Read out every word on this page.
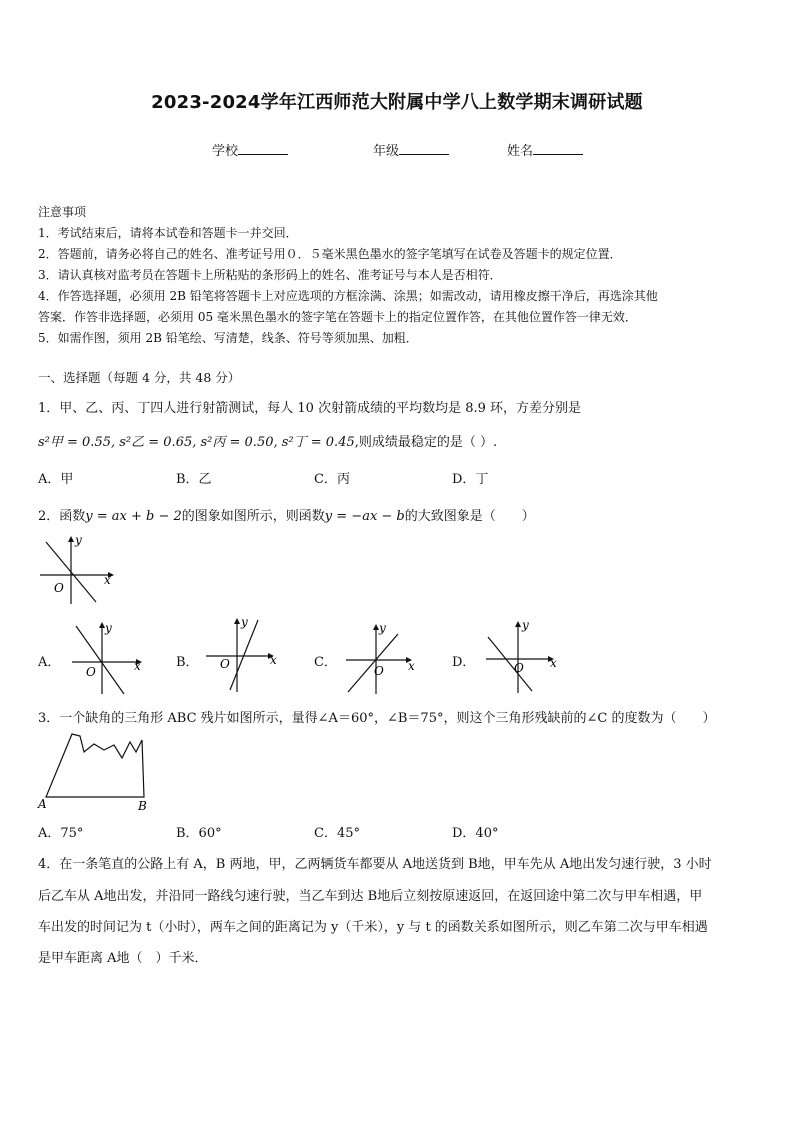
2023-2024学年江西师范大附属中学八上数学期末调研试题
学校	年级	姓名
注意事项
1．考试结束后，请将本试卷和答题卡一并交回．
2．答题前，请务必将自己的姓名、准考证号用０．５毫米黑色墨水的签字笔填写在试卷及答题卡的规定位置．
3．请认真核对监考员在答题卡上所粘贴的条形码上的姓名、准考证号与本人是否相符．
4．作答选择题，必须用 2B 铅笔将答题卡上对应选项的方框涂满、涂黑；如需改动，请用橡皮擦干净后，再选涂其他
答案．作答非选择题，必须用 05 毫米黑色墨水的签字笔在答题卡上的指定位置作答，在其他位置作答一律无效．
5．如需作图，须用 2B 铅笔绘、写清楚，线条、符号等须加黑、加粗．
一、选择题（每题 4 分，共 48 分）
1．甲、乙、丙、丁四人进行射箭测试，每人 10 次射箭成绩的平均数均是 8.9 环，方差分别是
s²甲 = 0.55, s²乙 = 0.65, s²丙 = 0.50, s²丁 = 0.45,则成绩最稳定的是（ ）.
A．甲	B．乙	C．丙	D．丁
2．函数y = ax + b − 2的图象如图所示，则函数y = −ax − b的大致图象是（　　）
x
y
O
A．	x
y
O
B．	x
y
O	C．	x
y
O
D．	x
y
O
3．一个缺角的三角形 ABC 残片如图所示，量得∠A＝60°，∠B＝75°，则这个三角形残缺前的∠C 的度数为（　　）
A	B
A．75°	B．60°	C．45°	D．40°
4．在一条笔直的公路上有 A，B 两地，甲，乙两辆货车都要从 A地送货到 B地，甲车先从 A地出发匀速行驶，3 小时
后乙车从 A地出发，并沿同一路线匀速行驶，当乙车到达 B地后立刻按原速返回，在返回途中第二次与甲车相遇，甲
车出发的时间记为 t（小时），两车之间的距离记为 y（千米），y 与 t 的函数关系如图所示，则乙车第二次与甲车相遇
是甲车距离 A地（　）千米．
